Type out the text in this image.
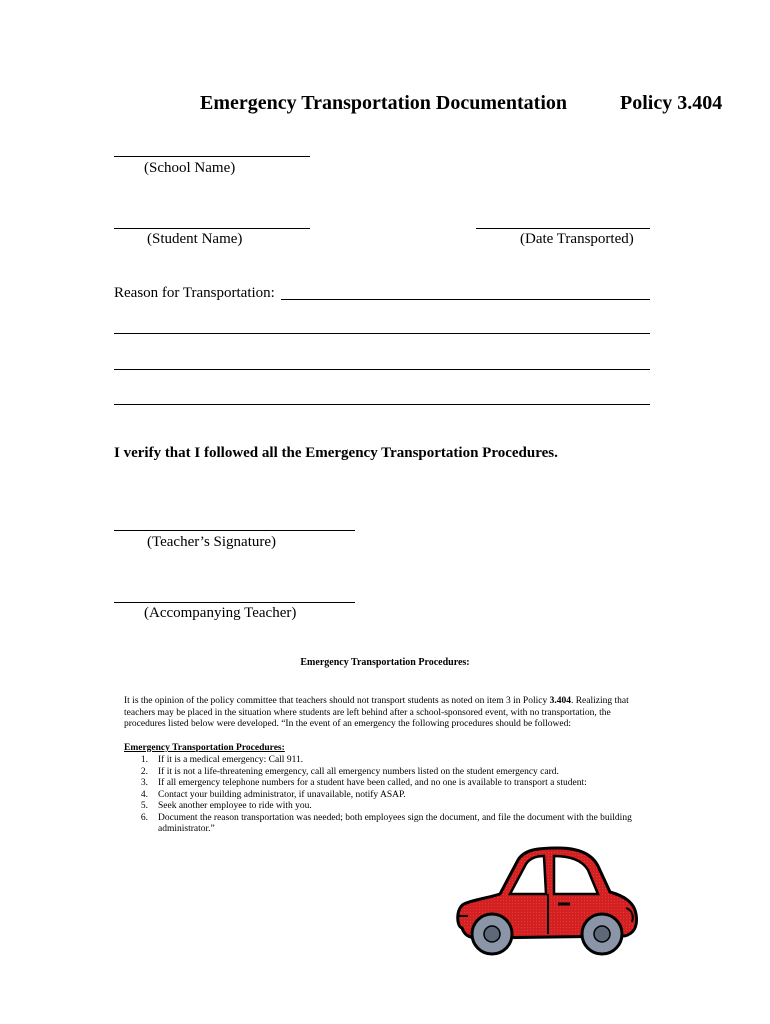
Emergency Transportation Documentation	Policy 3.404
(School Name)
(Student Name)	(Date Transported)
Reason for Transportation:
I verify that I followed all the Emergency Transportation Procedures.
(Teacher’s Signature)
(Accompanying Teacher)
Emergency Transportation Procedures:
It is the opinion of the policy committee that teachers should not transport students as noted on item 3 in Policy 3.404. Realizing that teachers may be placed in the situation where students are left behind after a school-sponsored event, with no transportation, the procedures listed below were developed. “In the event of an emergency the following procedures should be followed:
Emergency Transportation Procedures:
1.	If it is a medical emergency: Call 911.
2.	If it is not a life-threatening emergency, call all emergency numbers listed on the student emergency card.
3.	If all emergency telephone numbers for a student have been called, and no one is available to transport a student:
4.	Contact your building administrator, if unavailable, notify ASAP.
5.	Seek another employee to ride with you.
6.	Document the reason transportation was needed; both employees sign the document, and file the document with the building administrator.”
